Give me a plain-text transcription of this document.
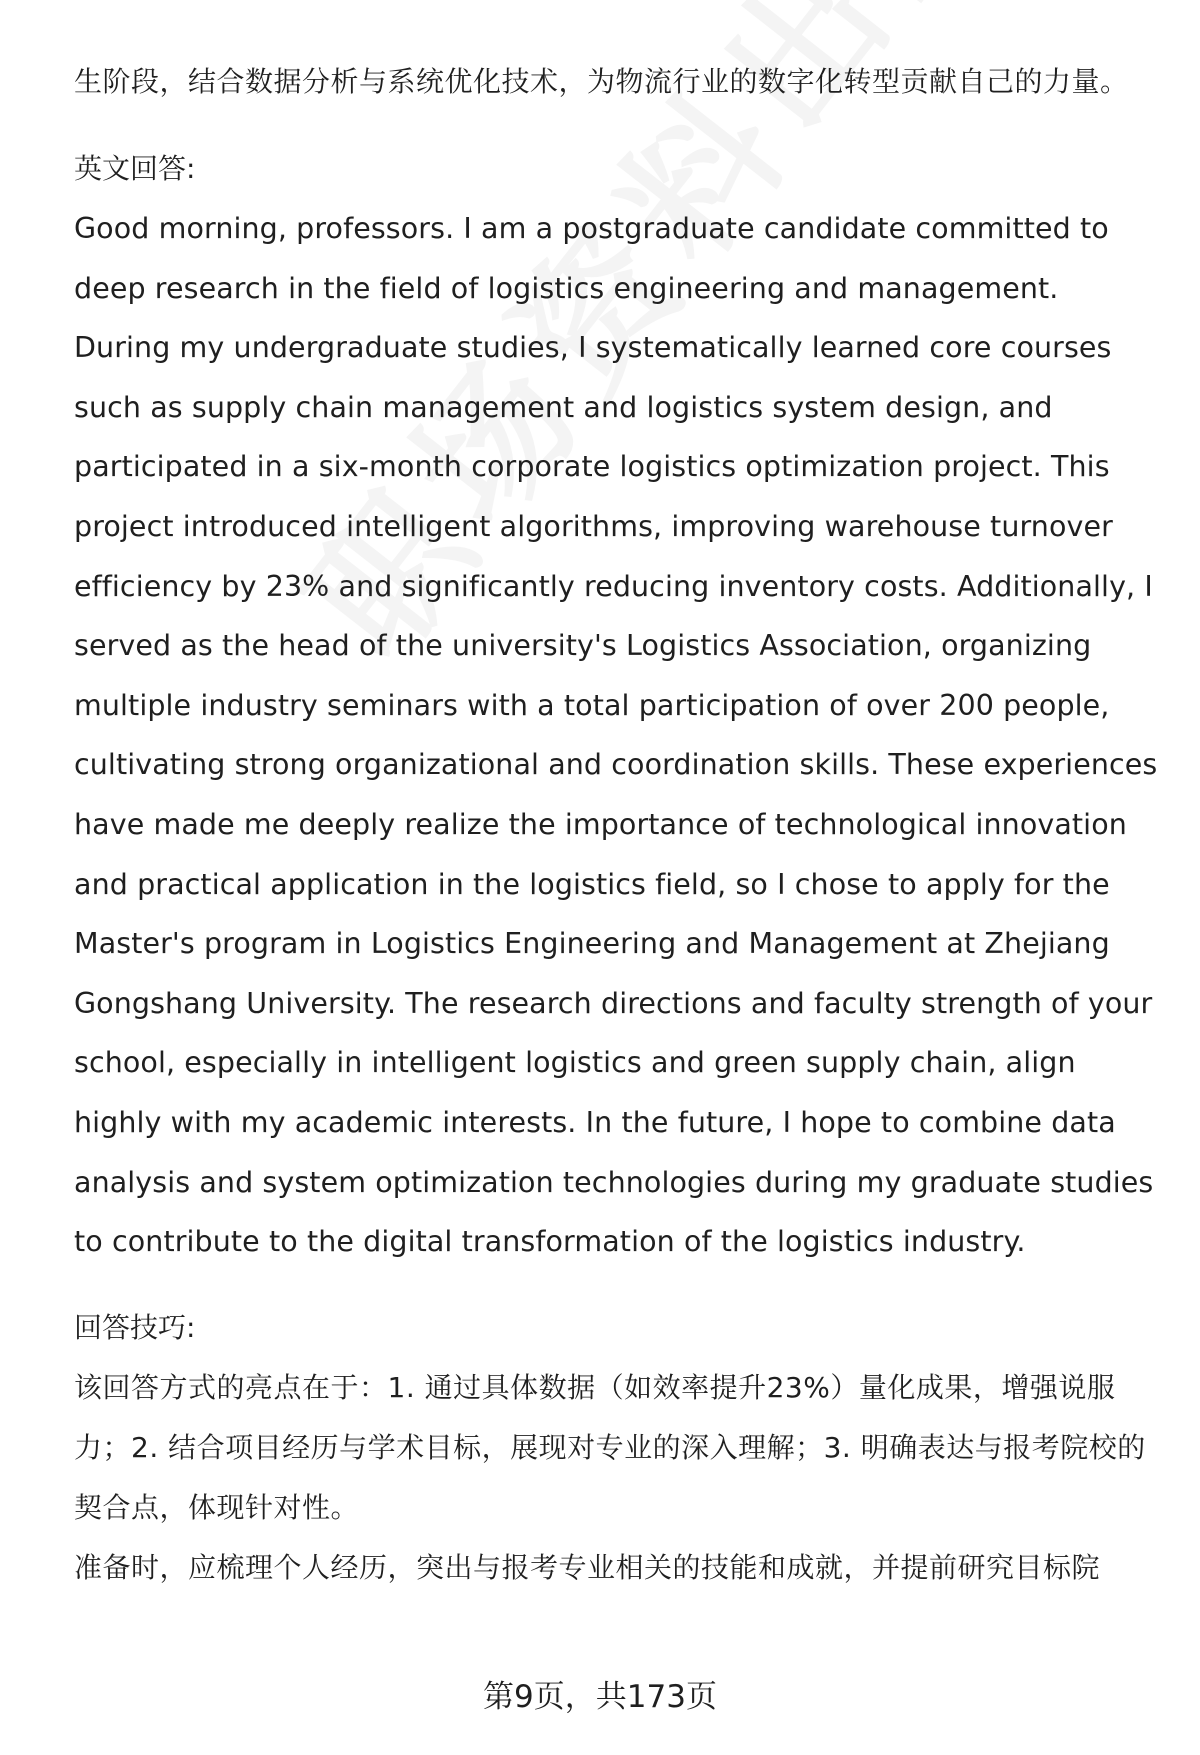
生阶段，结合数据分析与系统优化技术，为物流行业的数字化转型贡献自己的力量。

英文回答:

Good morning, professors. I am a postgraduate candidate committed to deep research in the field of logistics engineering and management. During my undergraduate studies, I systematically learned core courses such as supply chain management and logistics system design, and participated in a six-month corporate logistics optimization project. This project introduced intelligent algorithms, improving warehouse turnover efficiency by 23% and significantly reducing inventory costs. Additionally, I served as the head of the university's Logistics Association, organizing multiple industry seminars with a total participation of over 200 people, cultivating strong organizational and coordination skills. These experiences have made me deeply realize the importance of technological innovation and practical application in the logistics field, so I chose to apply for the Master's program in Logistics Engineering and Management at Zhejiang Gongshang University. The research directions and faculty strength of your school, especially in intelligent logistics and green supply chain, align highly with my academic interests. In the future, I hope to combine data analysis and system optimization technologies during my graduate studies to contribute to the digital transformation of the logistics industry.

回答技巧:

该回答方式的亮点在于：1. 通过具体数据（如效率提升23%）量化成果，增强说服力；2. 结合项目经历与学术目标，展现对专业的深入理解；3. 明确表达与报考院校的契合点，体现针对性。

准备时，应梳理个人经历，突出与报考专业相关的技能和成就，并提前研究目标院

第9页，共173页
